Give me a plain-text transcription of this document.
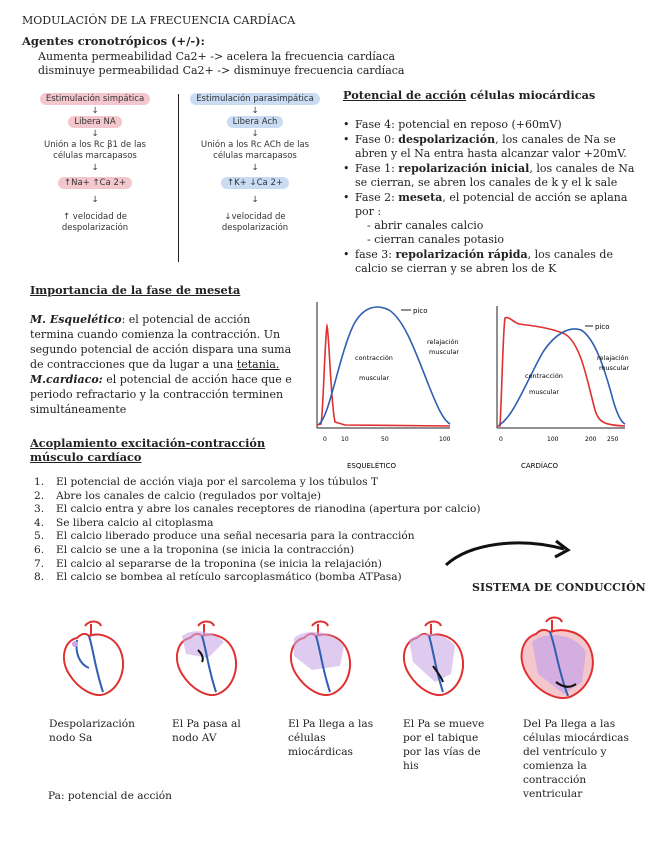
MODULACIÓN DE LA FRECUENCIA CARDÍACA
Agentes cronotrópicos (+/-):
Aumenta permeabilidad Ca2+ -> acelera la frecuencia cardíaca
disminuye permeabilidad Ca2+ -> disminuye frecuencia cardíaca
Estimulación simpática
↓
Libera NA
↓
Unión a los Rc β1 de las
células marcapasos
↓
↑Na+ ↑Ca 2+
↓
↑ velocidad de
despolarización
Estimulación parasimpática
↓
Libera Ach
↓
Unión a los Rc ACh de las
células marcapasos
↓
↑K+ ↓Ca 2+
↓
↓velocidad de
despolarización
Potencial de acción células miocárdicas
• Fase 4: potencial en reposo (+60mV)
• Fase 0: despolarización, los canales de Na se abren y el Na entra hasta alcanzar valor +20mV.
• Fase 1: repolarización inicial, los canales de Na se cierran, se abren los canales de k y el k sale
• Fase 2: meseta, el potencial de acción se aplana por :
- abrir canales calcio
- cierran canales potasio
• fase 3: repolarización rápida, los canales de calcio se cierran y se abren los de K
Importancia de la fase de meseta
M. Esquelético: el potencial de acción termina cuando comienza la contracción. Un segundo potencial de acción dispara una suma de contracciones que da lugar a una tetania. M.cardiaco: el potencial de acción hace que e periodo refractario y la contracción terminen simultáneamente
pico
relajación
muscular
contracción
muscular
0 10	50	100
ESQUELÉTICO
pico
relajación
muscular
contracción
muscular
0	100	200 250
CARDÍACO
Acoplamiento excitación-contracción
músculo cardíaco
1.	El potencial de acción viaja por el sarcolema y los túbulos T
2.	Abre los canales de calcio (regulados por voltaje)
3.	El calcio entra y abre los canales receptores de rianodina (apertura por calcio)
4.	Se libera calcio al citoplasma
5.	El calcio liberado produce una señal necesaria para la contracción
6.	El calcio se une a la troponina (se inicia la contracción)
7.	El calcio al separarse de la troponina (se inicia la relajación)
8.	El calcio se bombea al retículo sarcoplasmático (bomba ATPasa)
SISTEMA DE CONDUCCIÓN
Despolarización nodo Sa
El Pa pasa al nodo AV
El Pa llega a las células miocárdicas
El Pa se mueve por el tabique por las vías de his
Del Pa llega a las células miocárdicas del ventrículo y comienza la contracción ventricular
Pa: potencial de acción
